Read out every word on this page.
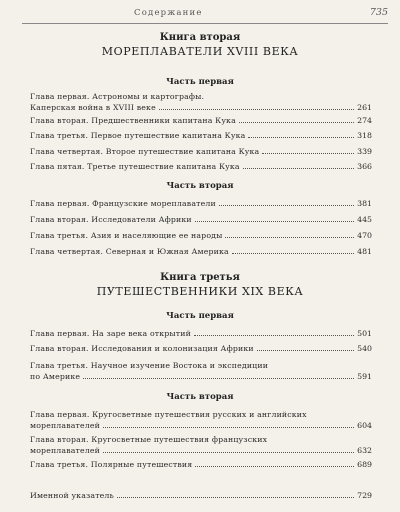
Содержание	735
Книга вторая
МОРЕПЛАВАТЕЛИ XVIII ВЕКА
Часть первая
Глава первая. Астрономы и картографы.
Каперская война в XVIII веке	261
Глава вторая. Предшественники капитана Кука	274
Глава третья. Первое путешествие капитана Кука	318
Глава четвертая. Второе путешествие капитана Кука	339
Глава пятая. Третье путешествие капитана Кука	366
Часть вторая
Глава первая. Французские мореплаватели	381
Глава вторая. Исследователи Африки	445
Глава третья. Азия и населяющие ее народы	470
Глава четвертая. Северная и Южная Америка	481
Книга третья
ПУТЕШЕСТВЕННИКИ XIX ВЕКА
Часть первая
Глава первая. На заре века открытий	501
Глава вторая. Исследования и колонизация Африки	540
Глава третья. Научное изучение Востока и экспедиции
по Америке	591
Часть вторая
Глава первая. Кругосветные путешествия русских и английских
мореплавателей	604
Глава вторая. Кругосветные путешествия французских
мореплавателей	632
Глава третья. Полярные путешествия	689
Именной указатель	729
